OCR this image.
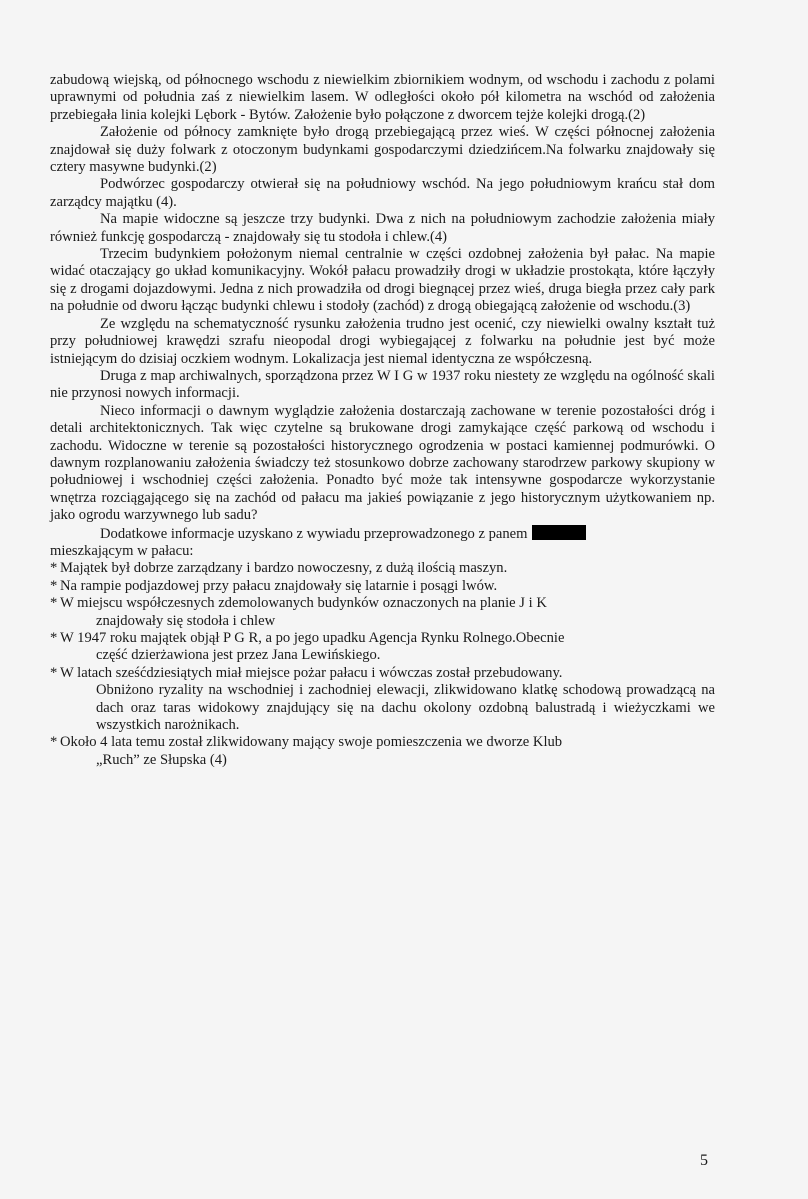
zabudową wiejską, od północnego wschodu z niewielkim zbiornikiem wodnym, od wschodu i zachodu z polami uprawnymi od południa zaś z niewielkim lasem. W odległości około pół kilometra na wschód od założenia przebiegała linia kolejki Lębork - Bytów. Założenie było połączone z dworcem tejże kolejki drogą.(2)

Założenie od północy zamknięte było drogą przebiegającą przez wieś. W części północnej założenia znajdował się duży folwark z otoczonym budynkami gospodarczymi dziedzińcem.Na folwarku znajdowały się cztery masywne budynki.(2)

Podwórzec gospodarczy otwierał się na południowy wschód. Na jego południowym krańcu stał dom zarządcy majątku (4).

Na mapie widoczne są jeszcze trzy budynki. Dwa z nich na południowym zachodzie założenia miały również funkcję gospodarczą - znajdowały się tu stodoła i chlew.(4)

Trzecim budynkiem położonym niemal centralnie w części ozdobnej założenia był pałac. Na mapie widać otaczający go układ komunikacyjny. Wokół pałacu prowadziły drogi w układzie prostokąta, które łączyły się z drogami dojazdowymi. Jedna z nich prowadziła od drogi biegnącej przez wieś, druga biegła przez cały park na południe od dworu łącząc budynki chlewu i stodoły (zachód) z drogą obiegającą założenie od wschodu.(3)

Ze względu na schematyczność rysunku założenia trudno jest ocenić, czy niewielki owalny kształt tuż przy południowej krawędzi szrafu nieopodal drogi wybiegającej z folwarku na południe jest być może istniejącym do dzisiaj oczkiem wodnym. Lokalizacja jest niemal identyczna ze współczesną.

Druga z map archiwalnych, sporządzona przez W I G w 1937 roku niestety ze względu na ogólność skali nie przynosi nowych informacji.

Nieco informacji o dawnym wyglądzie założenia dostarczają zachowane w terenie pozostałości dróg i detali architektonicznych. Tak więc czytelne są brukowane drogi zamykające część parkową od wschodu i zachodu. Widoczne w terenie są pozostałości historycznego ogrodzenia w postaci kamiennej podmurówki. O dawnym rozplanowaniu założenia świadczy też stosunkowo dobrze zachowany starodrzew parkowy skupiony w południowej i wschodniej części założenia. Ponadto być może tak intensywne gospodarcze wykorzystanie wnętrza rozciągającego się na zachód od pałacu ma jakieś powiązanie z jego historycznym użytkowaniem np. jako ogrodu warzywnego lub sadu?

Dodatkowe informacje uzyskano z wywiadu przeprowadzonego z panem
mieszkającym w pałacu:

* Majątek był dobrze zarządzany i bardzo nowoczesny, z dużą ilością maszyn.
* Na rampie podjazdowej przy pałacu znajdowały się latarnie i posągi lwów.
* W miejscu współczesnych zdemolowanych budynków oznaczonych na planie J i K
znajdowały się stodoła i chlew
* W 1947 roku majątek objął P G R, a po jego upadku Agencja Rynku Rolnego.Obecnie
część dzierżawiona jest przez Jana Lewińskiego.
* W latach sześćdziesiątych miał miejsce pożar pałacu i wówczas został przebudowany.
Obniżono ryzality na wschodniej i zachodniej elewacji, zlikwidowano klatkę schodową prowadzącą na dach oraz taras widokowy znajdujący się na dachu okolony ozdobną balustradą i wieżyczkami we wszystkich narożnikach.
* Około 4 lata temu został zlikwidowany mający swoje pomieszczenia we dworze Klub
„Ruch” ze Słupska (4)
5
